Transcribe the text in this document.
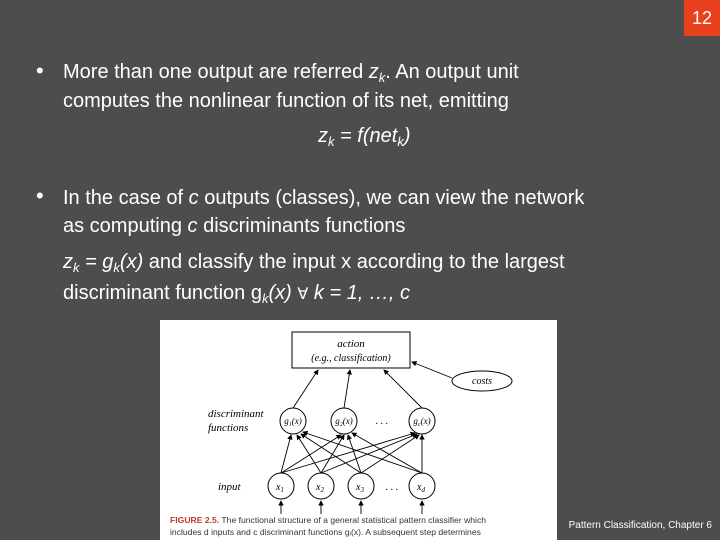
12
• More than one output are referred $z_k$. An output unit
computes the nonlinear function of its net, emitting
$z_k = f(net_k)$
• In the case of c outputs (classes), we can view the network
as computing c discriminants functions
$z_k = g_k(x)$ and classify the input x according to the largest
discriminant function $g_k(x)$ ∀ k = 1, …, c
action
(e.g., classification)
costs
discriminant
functions
input
$g_1(x)$	$g_2(x)$	$g_c(x)$
. . .
$x_1$	$x_2$	$x_3$	$x_d$
. . .
FIGURE 2.5. The functional structure of a general statistical pattern classifier which
includes d inputs and c discriminant functions gᵢ(x). A subsequent step determines
Pattern Classification, Chapter 6
